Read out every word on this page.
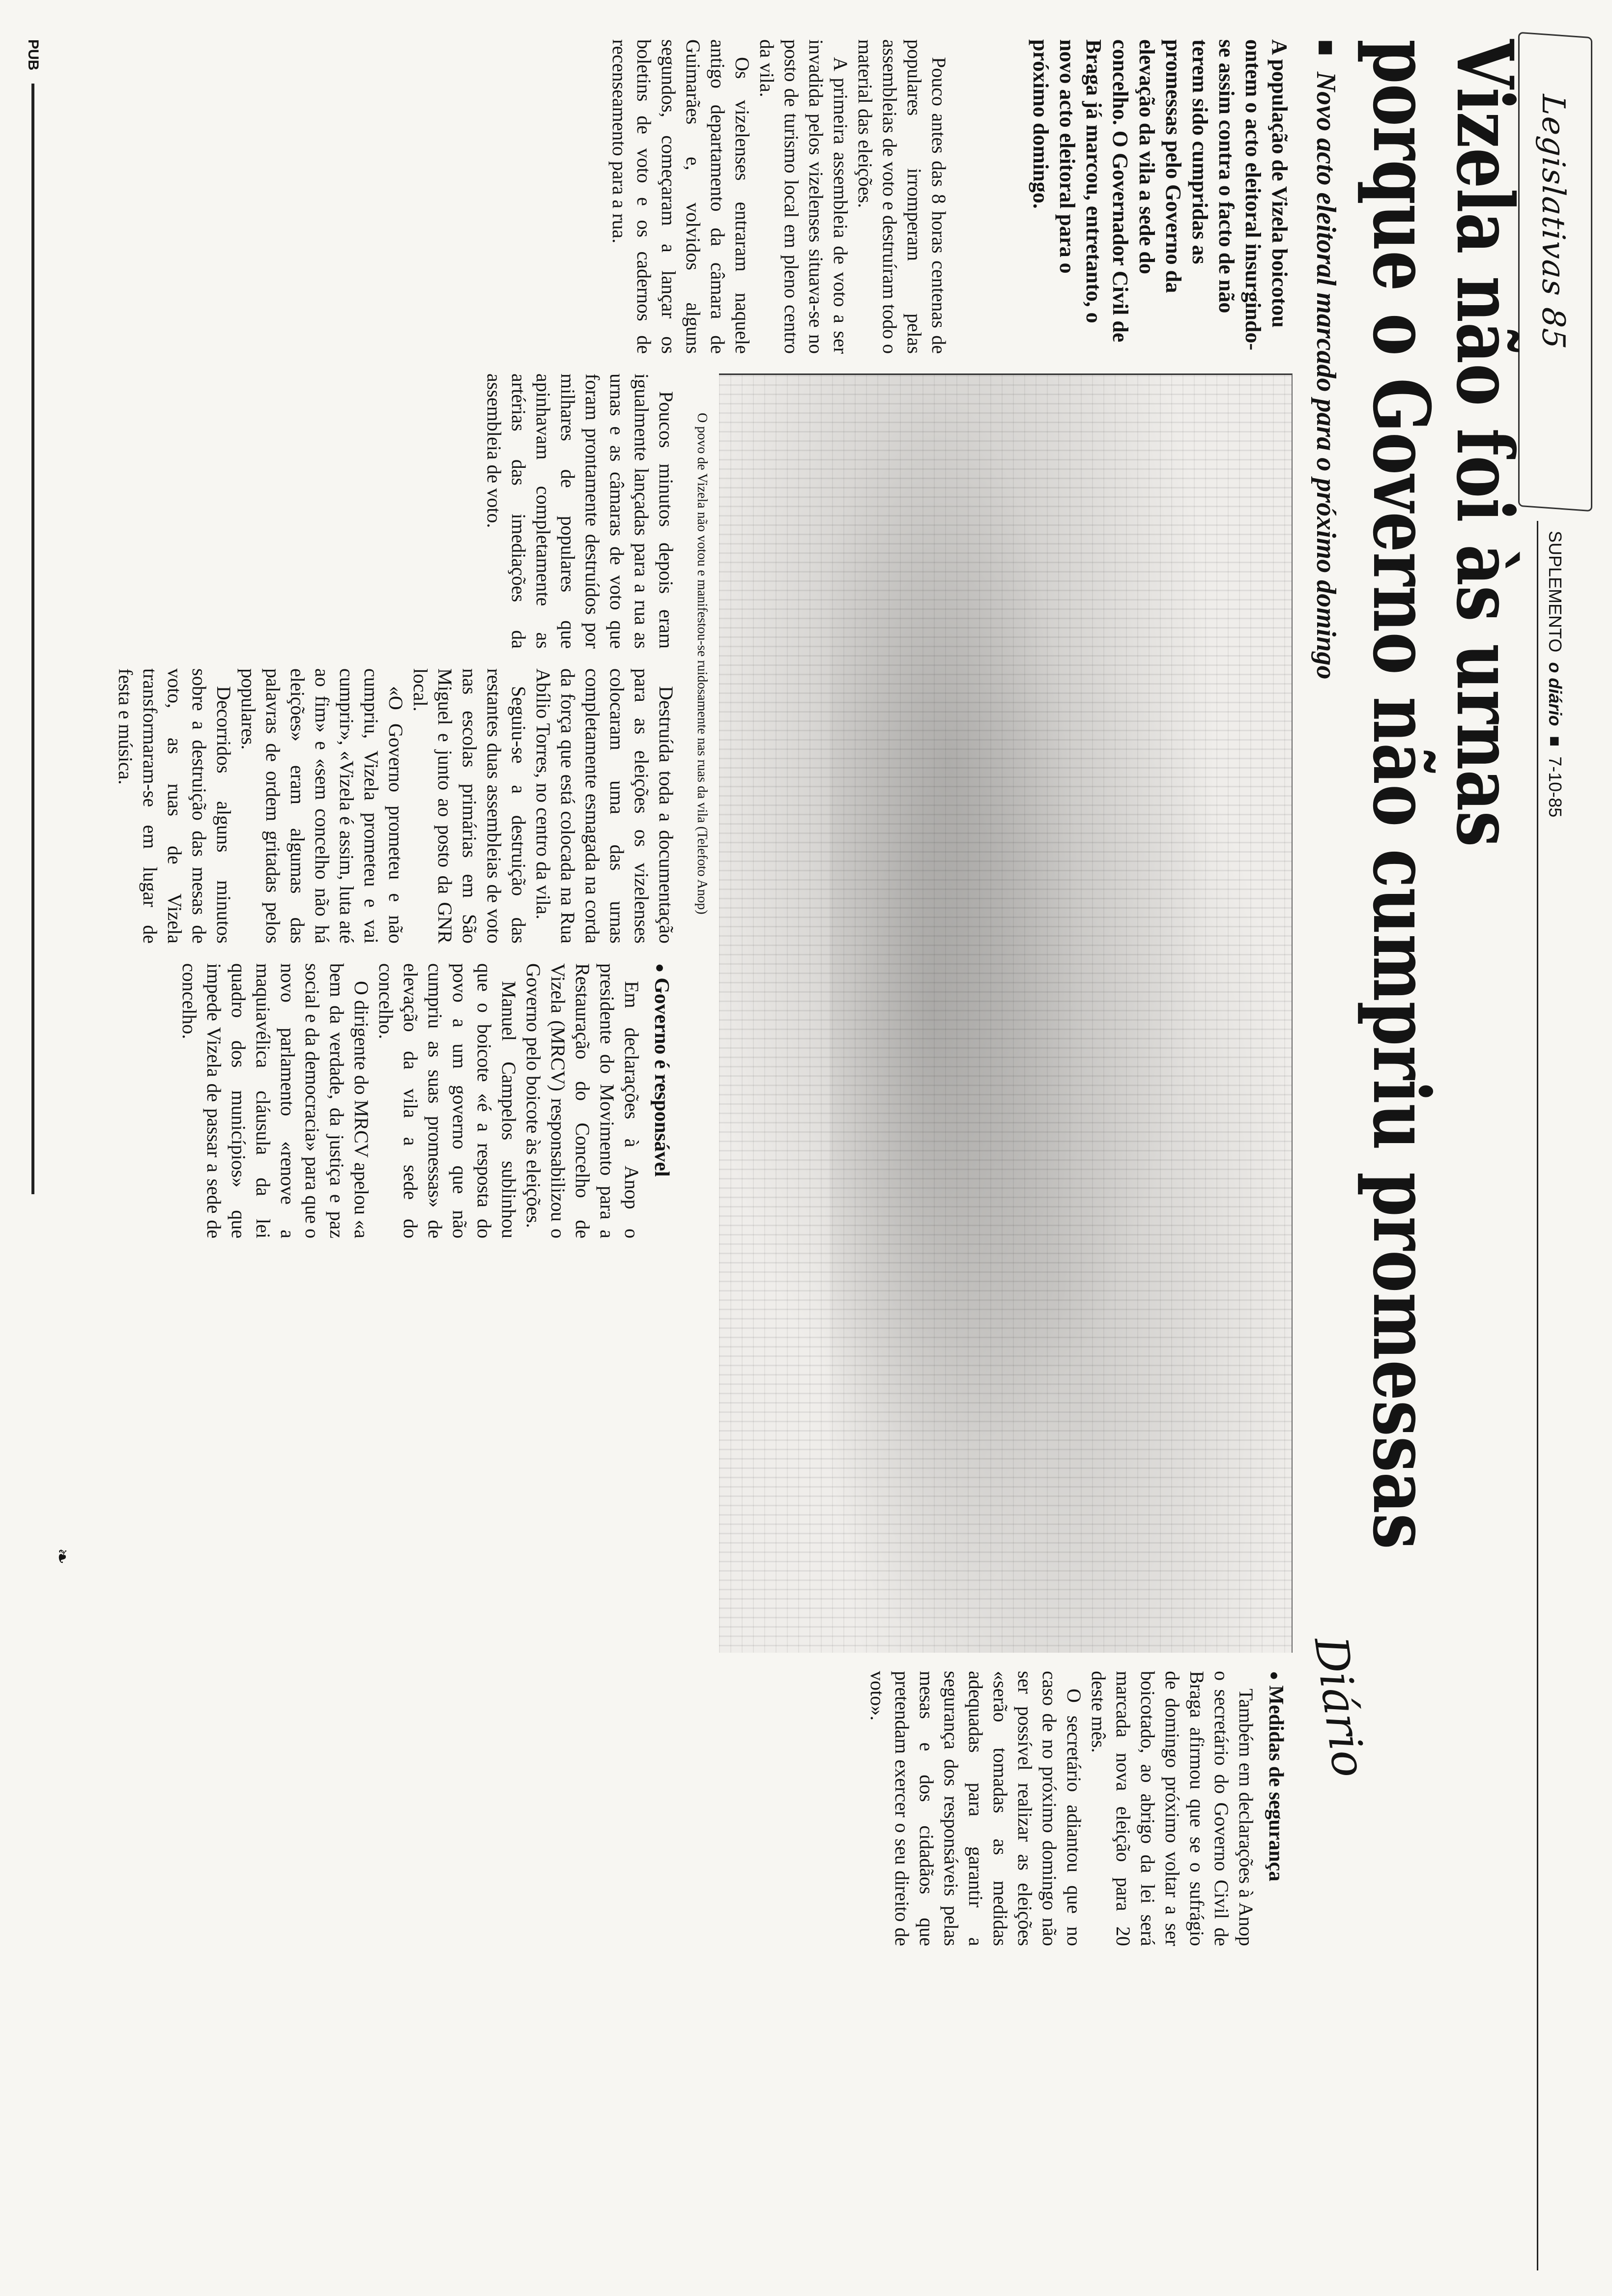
Legislativas 85
SUPLEMENTO o diário ■ 7-10-85
Vizela não foi às urnas
porque o Governo não cumpriu promessas
■ Novo acto eleitoral marcado para o próximo domingo
Diário
A população de Vizela boicotou ontem o acto eleitoral insurgindo-se assim contra o facto de não terem sido cumpridas as promessas pelo Governo da elevação da vila a sede do concelho. O Governador Civil de Braga já marcou, entretanto, o novo acto eleitoral para o próximo domingo.
O povo de Vizela não votou e manifestou-se ruidosamente nas ruas da vila (Telefoto Anop)

Pouco antes das 8 horas centenas de populares irromperam pelas assembleias de voto e destruíram todo o material das eleições.

A primeira assembleia de voto a ser invadida pelos vizelenses situava-se no posto de turismo local em pleno centro da vila.

Os vizelenses entraram naquele antigo departamento da câmara de Guimarães e, volvidos alguns segundos, começaram a lançar os boletins de voto e os cadernos de recenseamento para a rua.

Poucos minutos depois eram igualmente lançadas para a rua as urnas e as câmaras de voto que foram prontamente destruídos por milhares de populares que apinhavam completamente as artérias das imediações da assembleia de voto.

Destruída toda a documentação para as eleições os vizelenses colocaram uma das urnas completamente esmagada na corda da força que está colocada na Rua Abílio Torres, no centro da vila.

Seguiu-se a destruição das restantes duas assembleias de voto nas escolas primárias em São Miguel e junto ao posto da GNR local.

«O Governo prometeu e não cumpriu, Vizela prometeu e vai cumprir», «Vizela é assim, luta até ao fim» e «sem concelho não há eleições» eram algumas das palavras de ordem gritadas pelos populares.

Decorridos alguns minutos sobre a destruição das mesas de voto, as ruas de Vizela transformaram-se em lugar de festa e música.

● Governo é responsável

Em declarações à Anop o presidente do Movimento para a Restauração do Concelho de Vizela (MRCV) responsabilizou o Governo pelo boicote às eleições.

Manuel Campelos sublinhou que o boicote «é a resposta do povo a um governo que não cumpriu as suas promessas» de elevação da vila a sede do concelho.

O dirigente do MRCV apelou «a bem da verdade, da justiça e paz social e da democracia» para que o novo parlamento «renove a maquiavélica cláusula da lei quadro dos municípios» que impede Vizela de passar a sede de concelho.

● Medidas de segurança

Também em declarações à Anop o secretário do Governo Civil de Braga afirmou que se o sufrágio de domingo próximo voltar a ser boicotado, ao abrigo da lei será marcada nova eleição para 20 deste mês.

O secretário adiantou que no caso de no próximo domingo não ser possível realizar as eleições «serão tomadas as medidas adequadas para garantir a segurança dos responsáveis pelas mesas e dos cidadãos que pretendam exercer o seu direito de voto».

❧
PUB
